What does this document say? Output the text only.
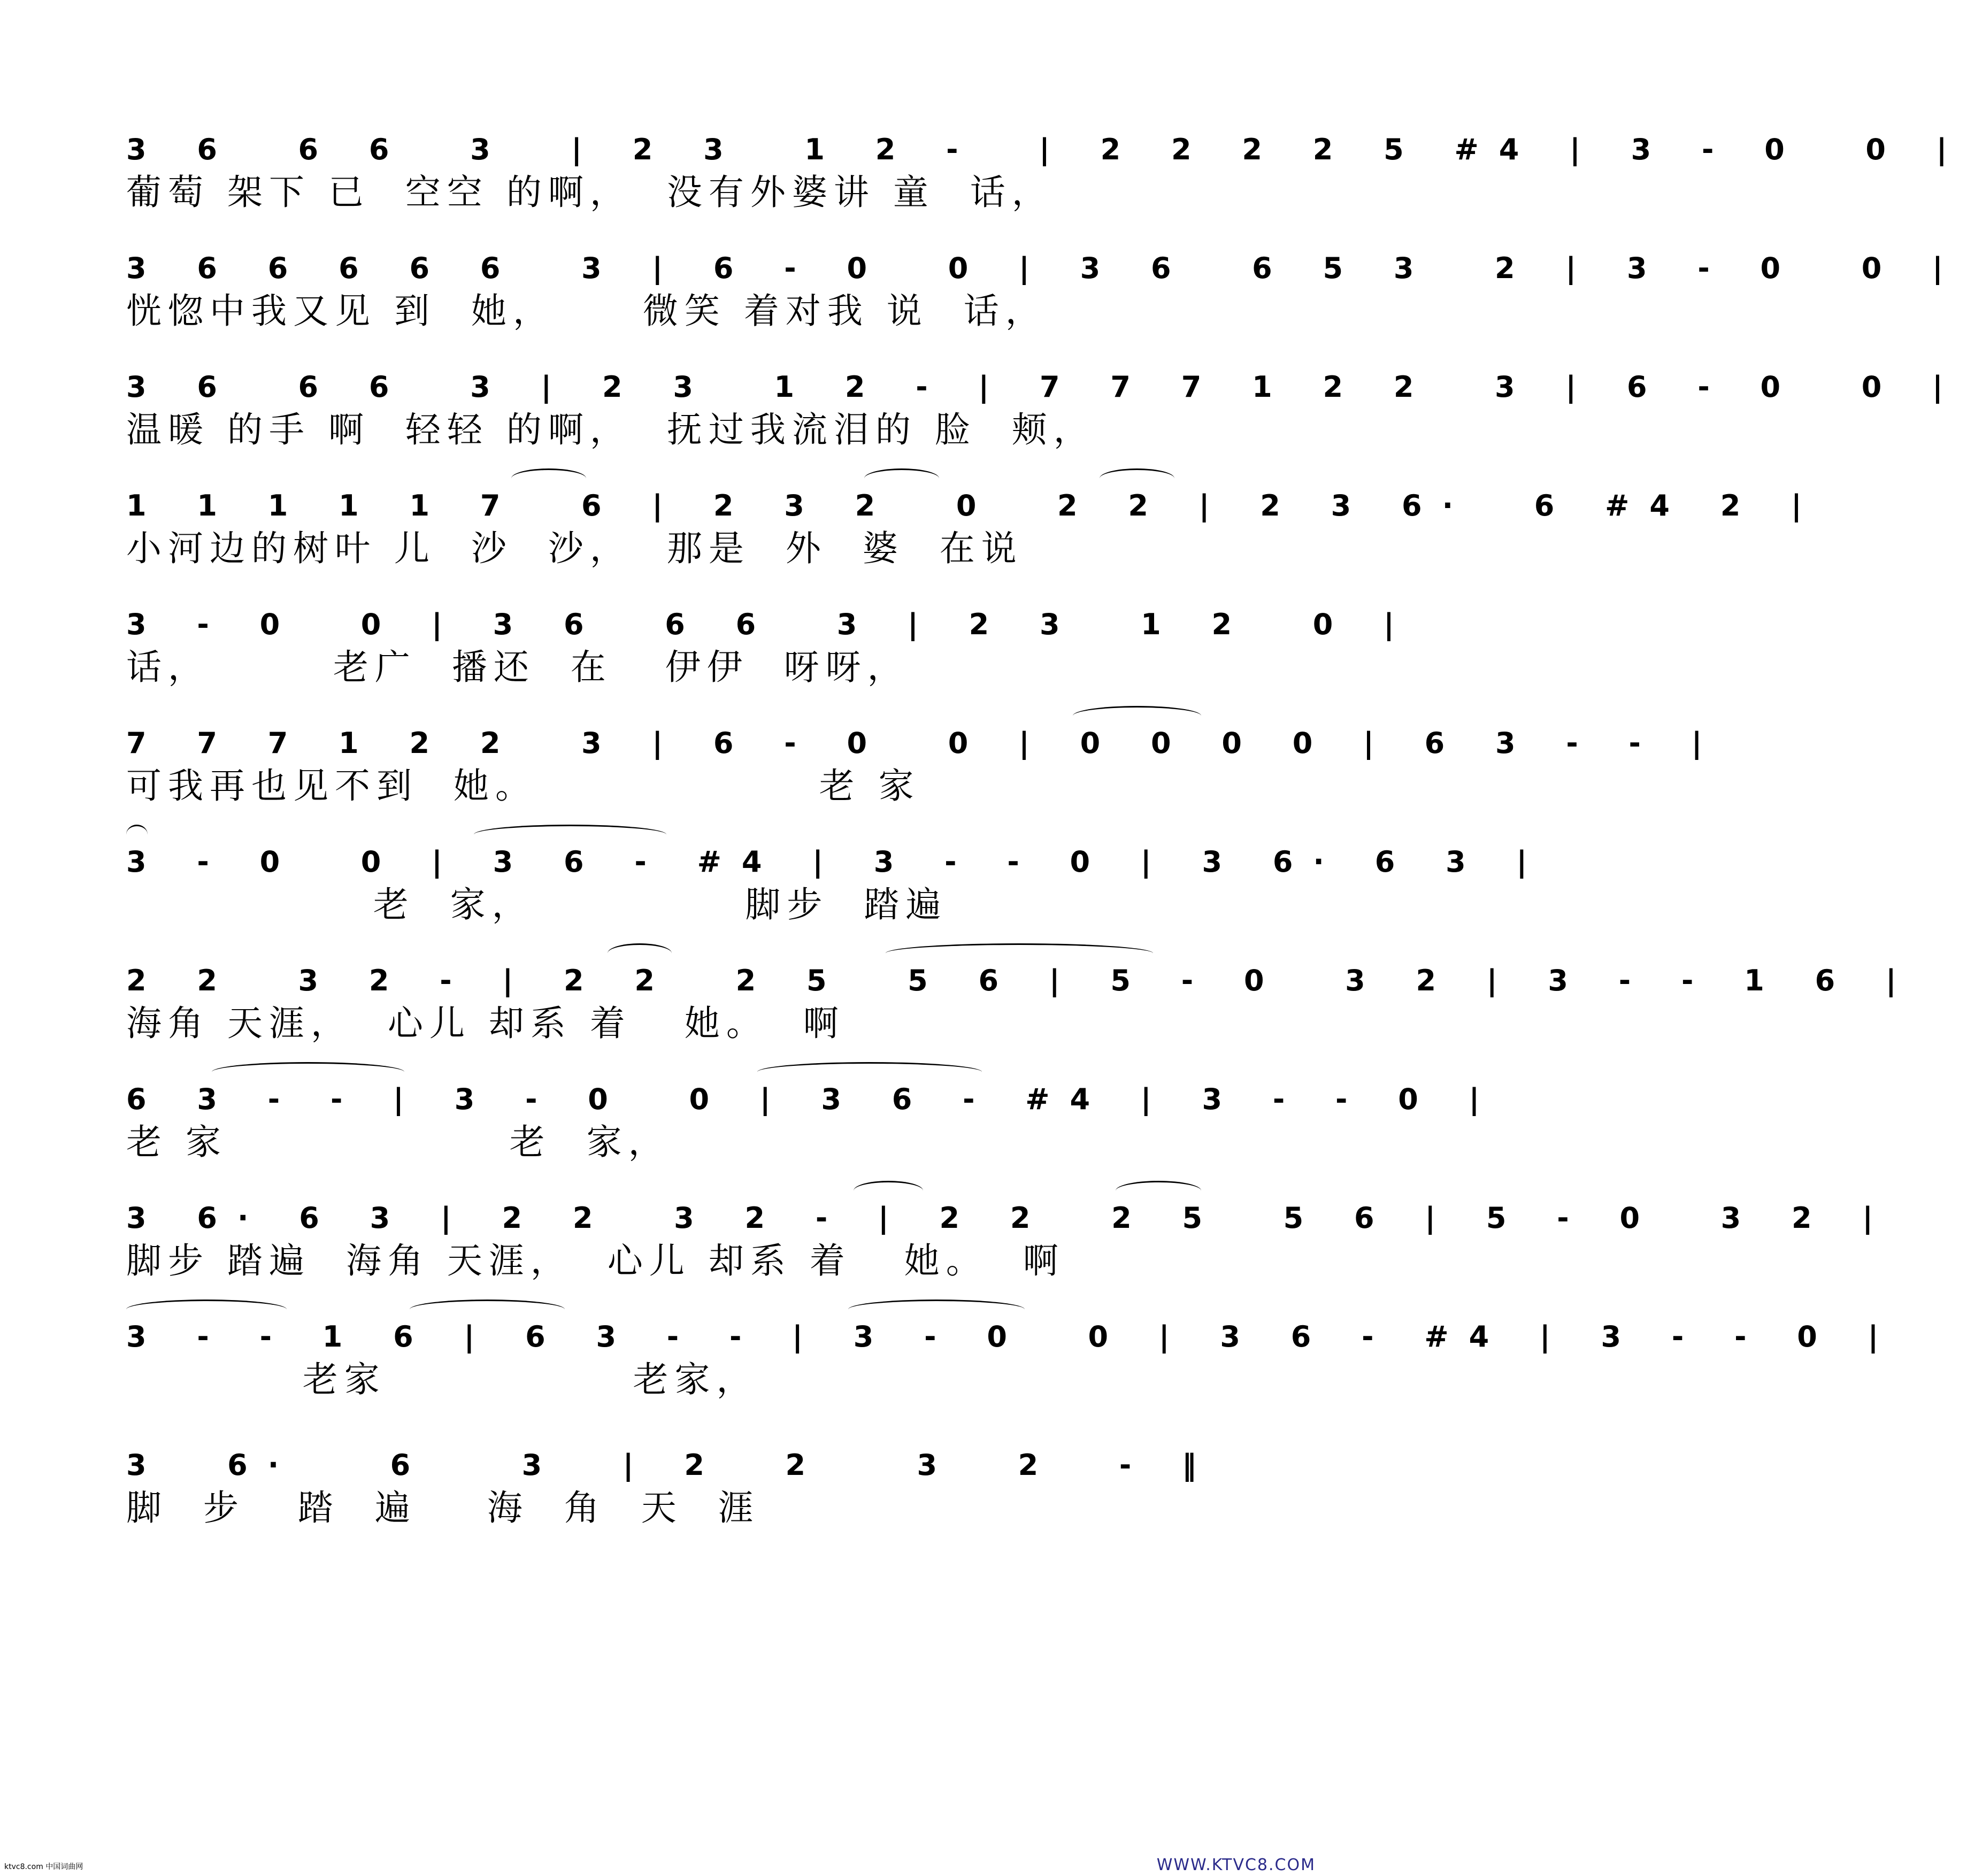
3 6  6 6  3  | 2 3  1 2 -  | 2 2 2 2 5 #4 | 3 - 0  0 |
葡萄 架下 已  空空 的啊，  没有外婆讲 童  话，
3 6 6 6 6 6  3 | 6 - 0  0 | 3 6  6 5 3  2 | 3 - 0  0 |
恍惚中我又见 到  她，     微笑 着对我 说  话，
3 6  6 6  3 | 2 3  1 2 - | 7 7 7 1 2 2  3 | 6 - 0  0 |
温暖 的手 啊  轻轻 的啊，  抚过我流泪的 脸  颊，
1 1 1 1 1 7  6 | 2 3 2  0  2 2 | 2 3 6·  6 #4 2 |
小河边的树叶 儿  沙  沙，  那是  外  婆  在说
3 - 0  0 | 3 6  6 6  3 | 2 3  1 2  0 |
话，       老广  播还  在   伊伊  呀呀，
7 7 7 1 2 2  3 | 6 - 0  0 | 0 0 0 0 | 6 3 - - |
可我再也见不到  她。                老 家
3 - 0  0 | 3 6 - #4 | 3 - - 0 | 3 6· 6 3 |
老  家，            脚步  踏遍
2 2  3 2 - | 2 2  2 5  5 6 | 5 - 0  3 2 | 3 - - 1 6 |
海角 天涯，  心儿 却系 着   她。  啊
6 3 - - | 3 - 0  0 | 3 6 - #4 | 3 - - 0 |
老 家                老  家，
3 6· 6 3 | 2 2  3 2 - | 2 2  2 5  5 6 | 5 - 0  3 2 |
脚步 踏遍  海角 天涯，  心儿 却系 着   她。  啊
3 - - 1 6 | 6 3 - - | 3 - 0  0 | 3 6 - #4 | 3 - - 0 |
老家              老家，
3  6·   6   3  | 2  2   3  2  - ‖
脚  步   踏  遍    海  角  天  涯
ktvc8.com 中国词曲网	WWW.KTVC8.COM
